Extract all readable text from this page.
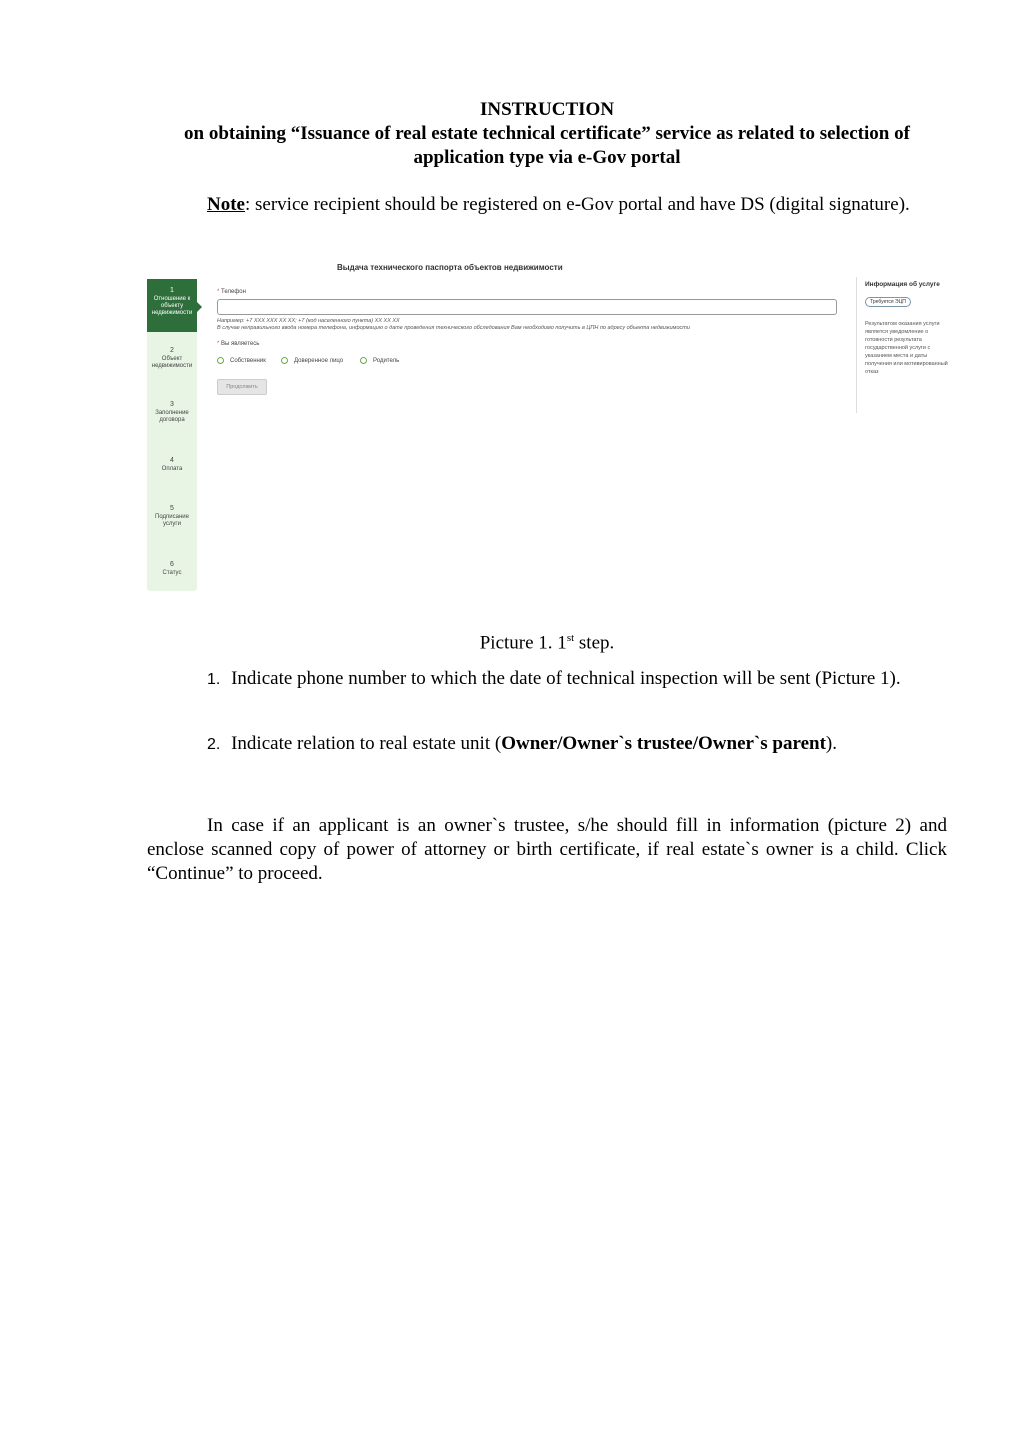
INSTRUCTION
on obtaining “Issuance of real estate technical certificate” service as related to selection of application type via e-Gov portal
Note: service recipient should be registered on e-Gov portal and have DS (digital signature).
Выдача технического паспорта объектов недвижимости
1
Отношение к объекту недвижимости
2
Объект недвижимости
3
Заполнение договора
4
Оплата
5
Подписание услуги
6
Статус
* Телефон
Например: +7 XXX XXX XX XX; +7 (код населенного пункта) XX XX XX
В случае неправильного ввода номера телефона, информацию о дате проведения технического обследования Вам необходимо получить в ЦПН по адресу объекта недвижимости
* Вы являетесь
Собственник	Доверенное лицо	Родитель
Продолжить
Информация об услуге
Требуется ЭЦП
Результатом оказания услуги является уведомление о готовности результата государственной услуги с указанием места и даты получения или мотивированный отказ
Picture 1. 1st step.
1. Indicate phone number to which the date of technical inspection will be sent (Picture 1).
2. Indicate relation to real estate unit (Owner/Owner`s trustee/Owner`s parent).
In case if an applicant is an owner`s trustee, s/he should fill in information (picture 2) and enclose scanned copy of power of attorney or birth certificate, if real estate`s owner is a child. Click “Continue” to proceed.
